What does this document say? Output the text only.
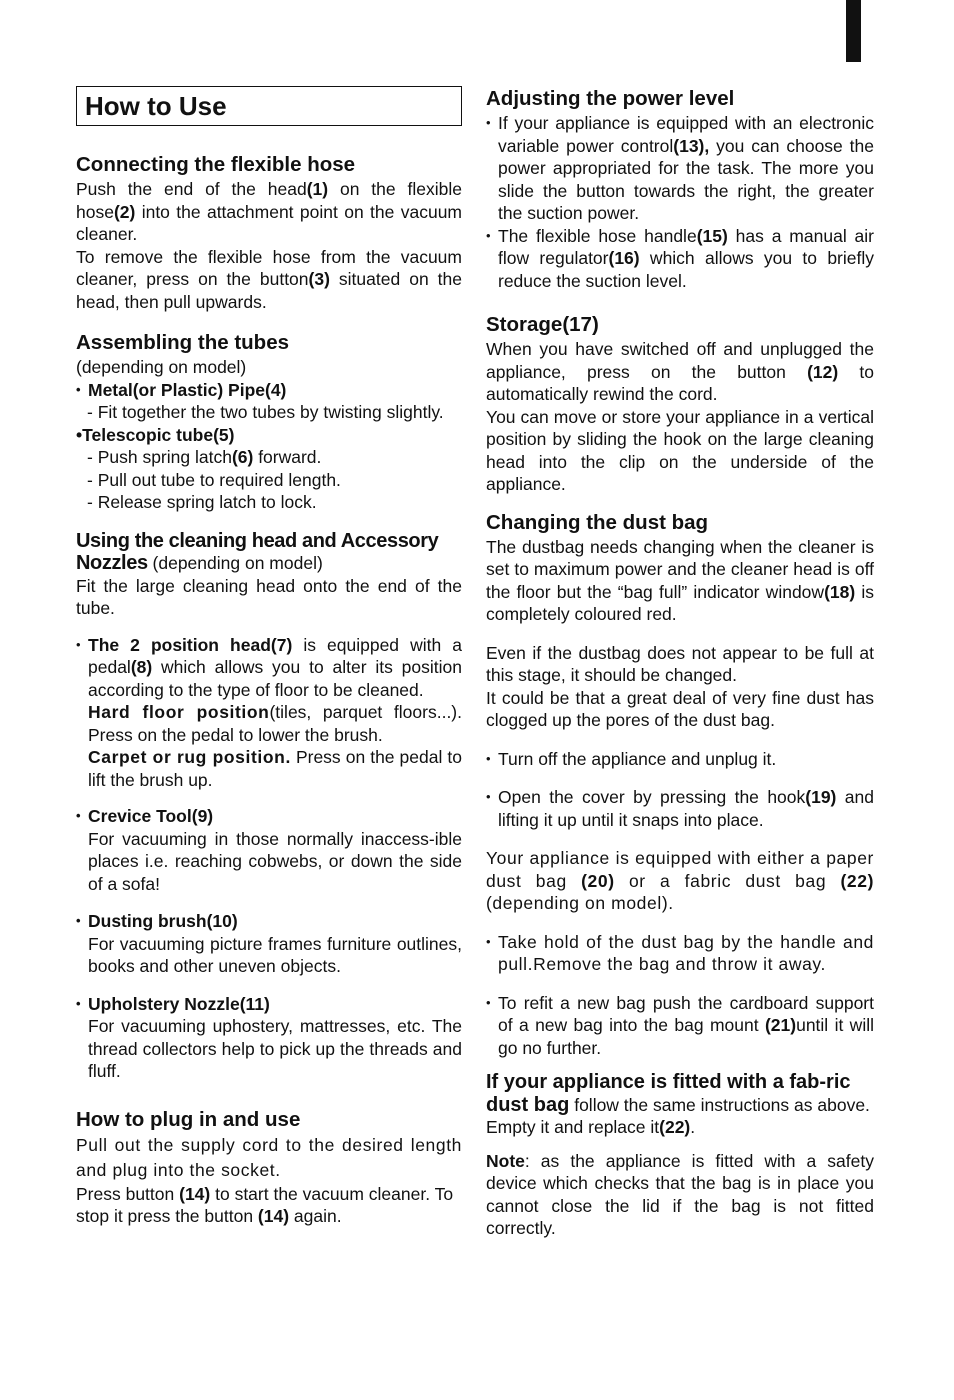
How to Use
Connecting the flexible hose

Push the end of the head(1) on the flexible hose(2) into the attachment point on the vacuum cleaner.

To remove the flexible hose from the vacuum cleaner, press on the button(3) situated on the head, then pull upwards.

Assembling the tubes

(depending on model)

• Metal(or Plastic) Pipe(4)

- Fit together the two tubes by twisting slightly.

•Telescopic tube(5)

- Push spring latch(6) forward.

- Pull out tube to required length.

- Release spring latch to lock.

Using the cleaning head and Accessory Nozzles (depending on model)

Fit the large cleaning head onto the end of the tube.

• The 2 position head(7) is equipped with a pedal(8) which allows you to alter its position according to the type of floor to be cleaned.

Hard floor position(tiles, parquet floors...). Press on the pedal to lower the brush.

Carpet or rug position. Press on the pedal to lift the brush up.

• Crevice Tool(9)

For vacuuming in those normally inaccess-ible places i.e. reaching cobwebs, or down the side of a sofa!

• Dusting brush(10)

For vacuuming picture frames furniture outlines, books and other uneven objects.

• Upholstery Nozzle(11)

For vacuuming uphostery, mattresses, etc. The thread collectors help to pick up the threads and fluff.

How to plug in and use

Pull out the supply cord to the desired length and plug into the socket.

Press button (14) to start the vacuum cleaner. To stop it press the button (14) again.

Adjusting the power level

• If your appliance is equipped with an electronic variable power control(13), you can choose the power appropriated for the task. The more you slide the button towards the right, the greater the suction power.

• The flexible hose handle(15) has a manual air flow regulator(16) which allows you to briefly reduce the suction level.

Storage(17)

When you have switched off and unplugged the appliance, press on the button (12) to automatically rewind the cord.

You can move or store your appliance in a vertical position by sliding the hook on the large cleaning head into the clip on the underside of the appliance.

Changing the dust bag

The dustbag needs changing when the cleaner is set to maximum power and the cleaner head is off the floor but the “bag full” indicator window(18) is completely coloured red.

Even if the dustbag does not appear to be full at this stage, it should be changed.

It could be that a great deal of very fine dust has clogged up the pores of the dust bag.

• Turn off the appliance and unplug it.

• Open the cover by pressing the hook(19) and lifting it up until it snaps into place.

Your appliance is equipped with either a paper dust bag (20) or a fabric dust bag (22)(depending on model).

• Take hold of the dust bag by the handle and pull.Remove the bag and throw it away.

• To refit a new bag push the cardboard support of a new bag into the bag mount (21)until it will go no further.

If your appliance is fitted with a fab-ric dust bag follow the same instructions as above.

Empty it and replace it(22).

Note: as the appliance is fitted with a safety device which checks that the bag is in place you cannot close the lid if the bag is not fitted correctly.
